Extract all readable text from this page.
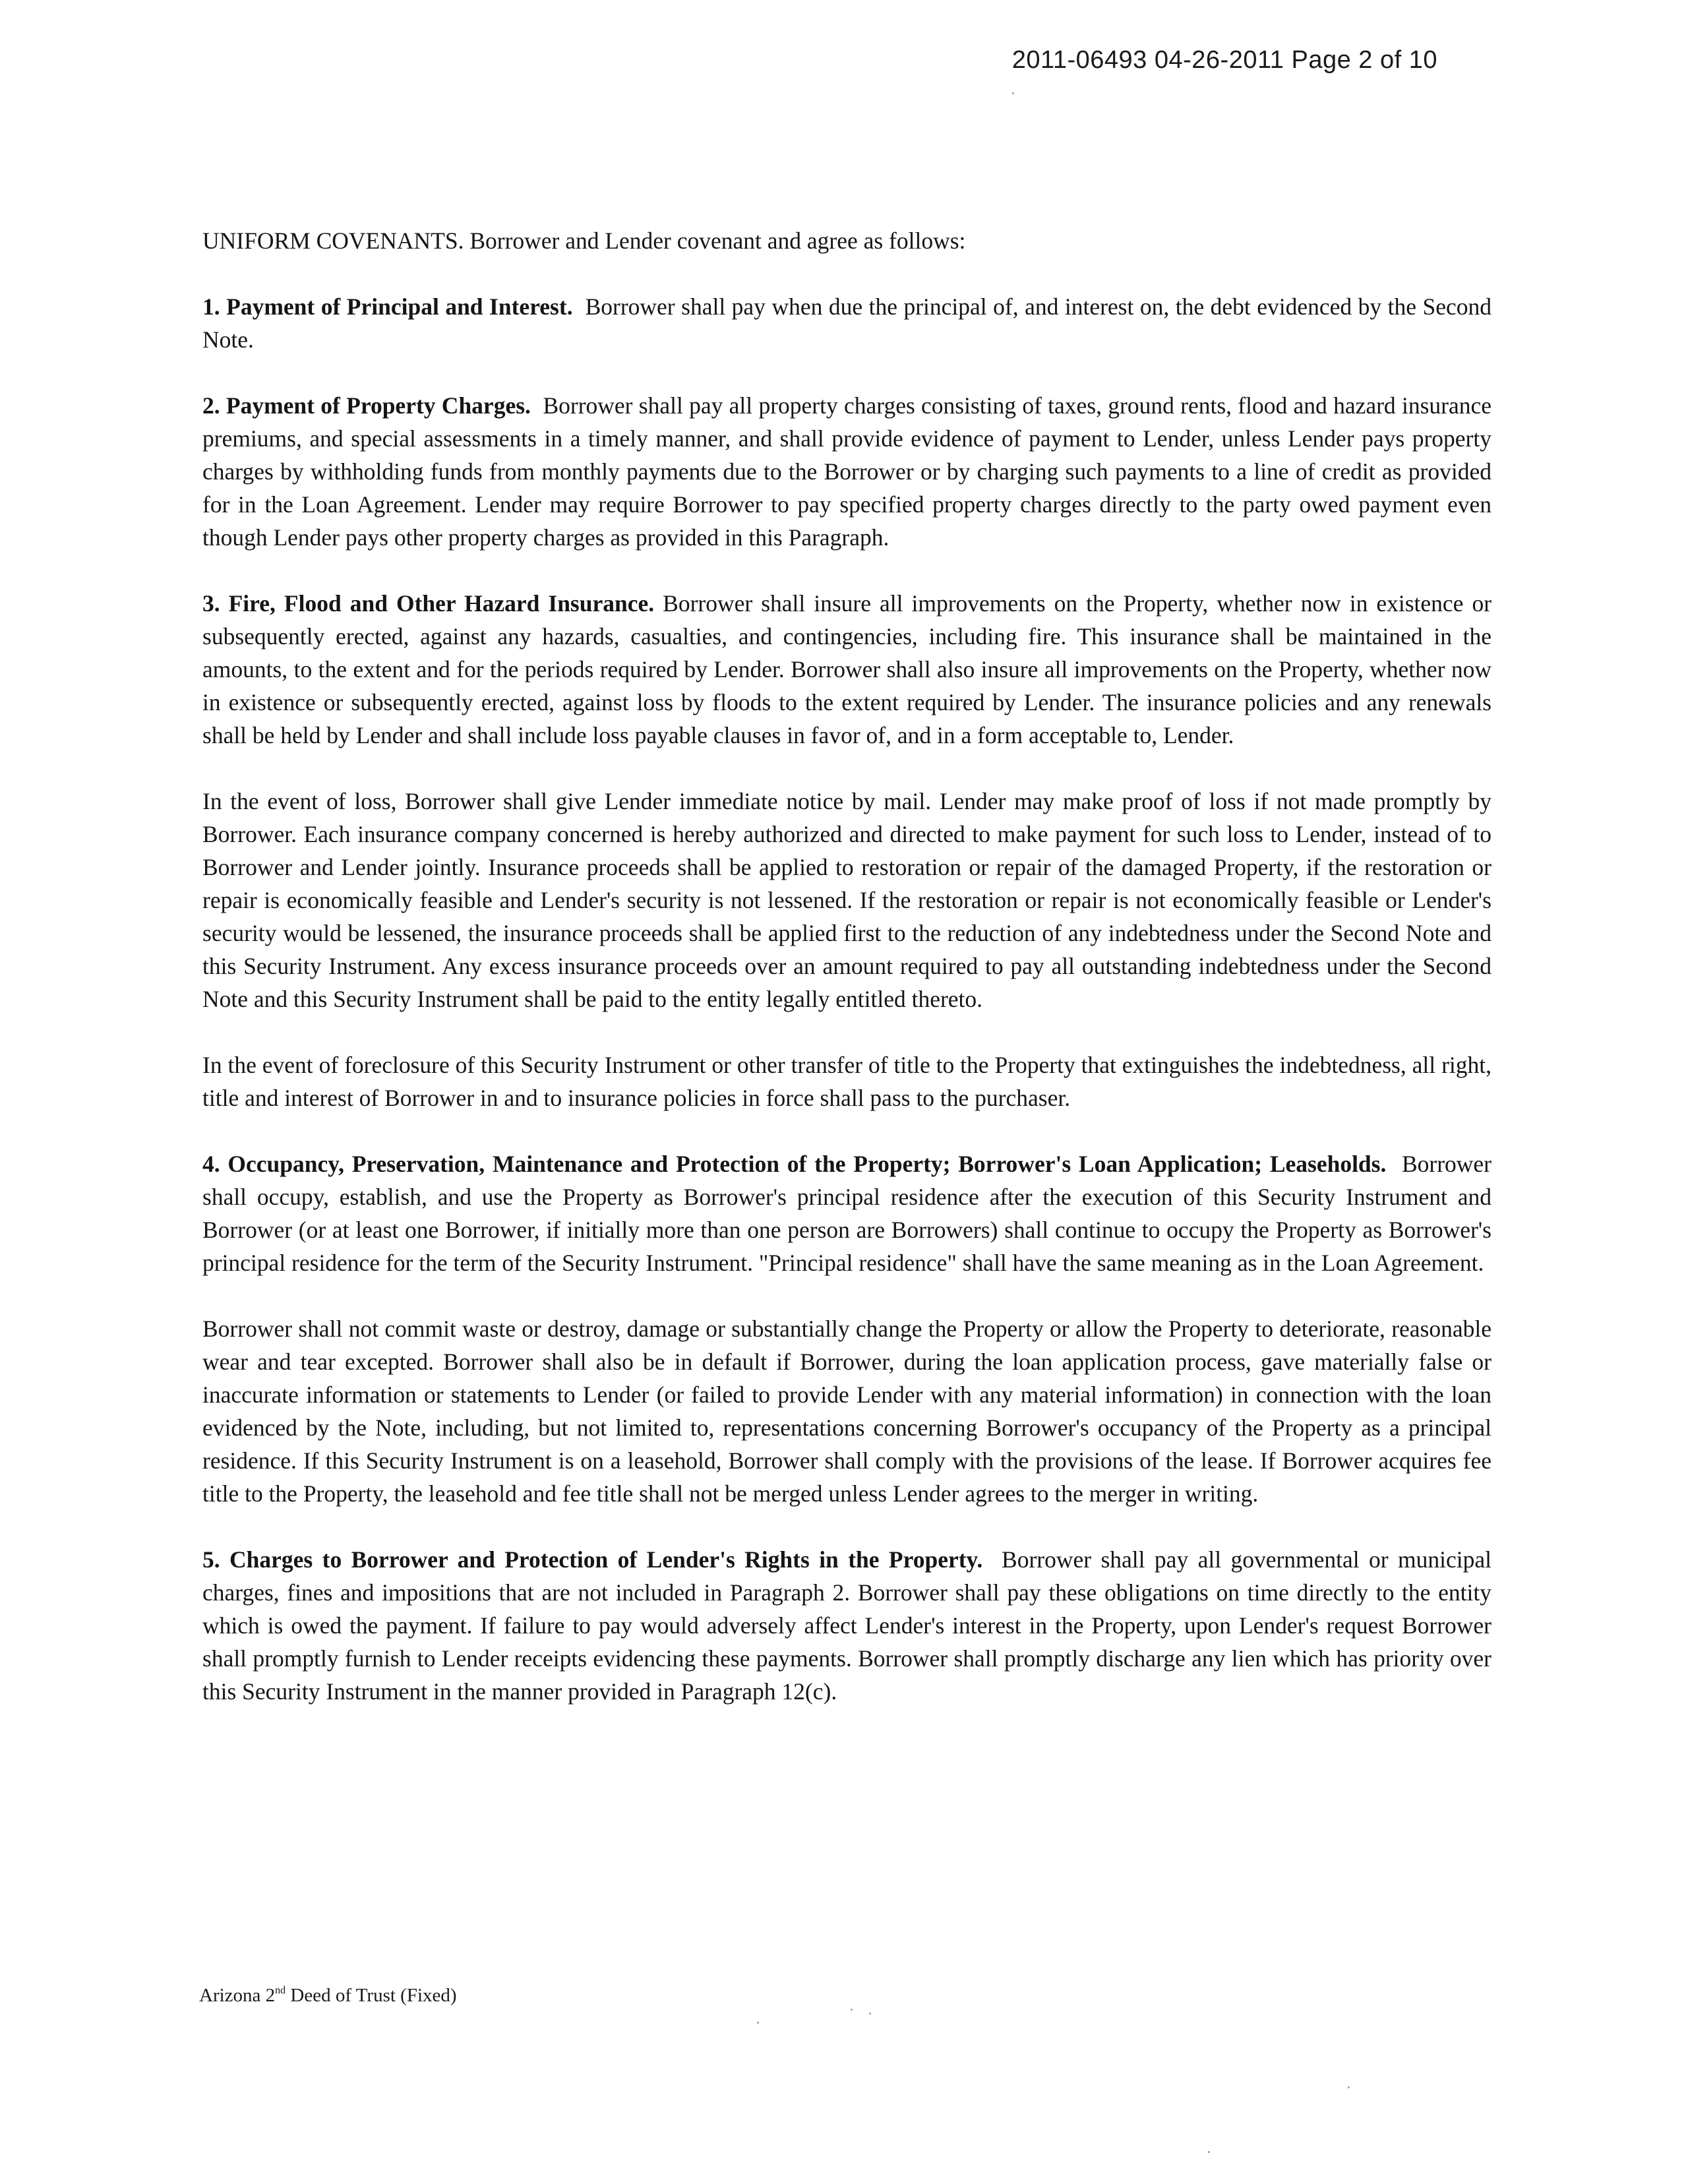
2011-06493 04-26-2011 Page 2 of 10

UNIFORM COVENANTS. Borrower and Lender covenant and agree as follows:

1. Payment of Principal and Interest. Borrower shall pay when due the principal of, and interest on, the debt evidenced by the Second Note.

2. Payment of Property Charges. Borrower shall pay all property charges consisting of taxes, ground rents, flood and hazard insurance premiums, and special assessments in a timely manner, and shall provide evidence of payment to Lender, unless Lender pays property charges by withholding funds from monthly payments due to the Borrower or by charging such payments to a line of credit as provided for in the Loan Agreement. Lender may require Borrower to pay specified property charges directly to the party owed payment even though Lender pays other property charges as provided in this Paragraph.

3. Fire, Flood and Other Hazard Insurance. Borrower shall insure all improvements on the Property, whether now in existence or subsequently erected, against any hazards, casualties, and contingencies, including fire. This insurance shall be maintained in the amounts, to the extent and for the periods required by Lender. Borrower shall also insure all improvements on the Property, whether now in existence or subsequently erected, against loss by floods to the extent required by Lender. The insurance policies and any renewals shall be held by Lender and shall include loss payable clauses in favor of, and in a form acceptable to, Lender.

In the event of loss, Borrower shall give Lender immediate notice by mail. Lender may make proof of loss if not made promptly by Borrower. Each insurance company concerned is hereby authorized and directed to make payment for such loss to Lender, instead of to Borrower and Lender jointly. Insurance proceeds shall be applied to restoration or repair of the damaged Property, if the restoration or repair is economically feasible and Lender's security is not lessened. If the restoration or repair is not economically feasible or Lender's security would be lessened, the insurance proceeds shall be applied first to the reduction of any indebtedness under the Second Note and this Security Instrument. Any excess insurance proceeds over an amount required to pay all outstanding indebtedness under the Second Note and this Security Instrument shall be paid to the entity legally entitled thereto.

In the event of foreclosure of this Security Instrument or other transfer of title to the Property that extinguishes the indebtedness, all right, title and interest of Borrower in and to insurance policies in force shall pass to the purchaser.

4. Occupancy, Preservation, Maintenance and Protection of the Property; Borrower's Loan Application; Leaseholds. Borrower shall occupy, establish, and use the Property as Borrower's principal residence after the execution of this Security Instrument and Borrower (or at least one Borrower, if initially more than one person are Borrowers) shall continue to occupy the Property as Borrower's principal residence for the term of the Security Instrument. "Principal residence" shall have the same meaning as in the Loan Agreement.

Borrower shall not commit waste or destroy, damage or substantially change the Property or allow the Property to deteriorate, reasonable wear and tear excepted. Borrower shall also be in default if Borrower, during the loan application process, gave materially false or inaccurate information or statements to Lender (or failed to provide Lender with any material information) in connection with the loan evidenced by the Note, including, but not limited to, representations concerning Borrower's occupancy of the Property as a principal residence. If this Security Instrument is on a leasehold, Borrower shall comply with the provisions of the lease. If Borrower acquires fee title to the Property, the leasehold and fee title shall not be merged unless Lender agrees to the merger in writing.

5. Charges to Borrower and Protection of Lender's Rights in the Property. Borrower shall pay all governmental or municipal charges, fines and impositions that are not included in Paragraph 2. Borrower shall pay these obligations on time directly to the entity which is owed the payment. If failure to pay would adversely affect Lender's interest in the Property, upon Lender's request Borrower shall promptly furnish to Lender receipts evidencing these payments. Borrower shall promptly discharge any lien which has priority over this Security Instrument in the manner provided in Paragraph 12(c).

Arizona 2nd Deed of Trust (Fixed)
